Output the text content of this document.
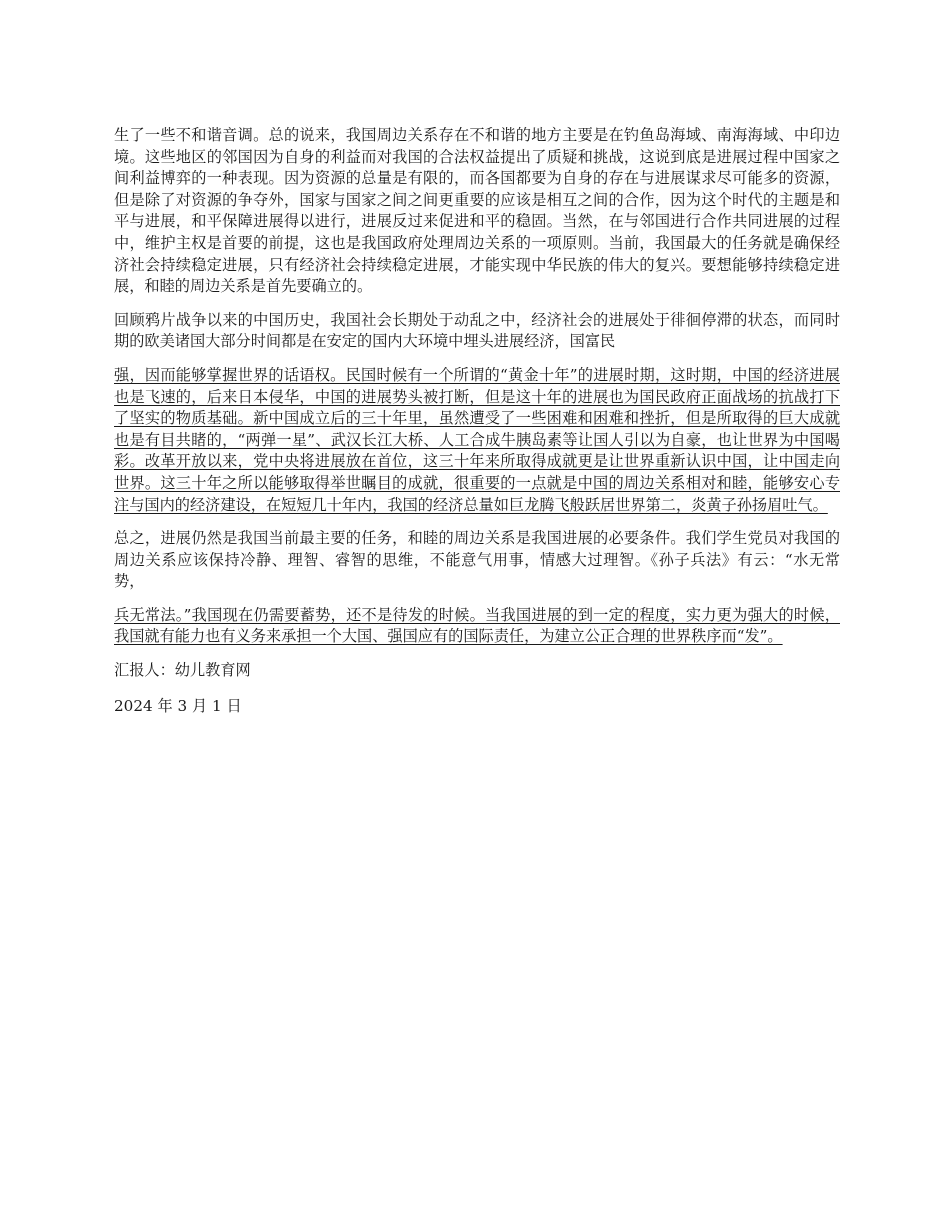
生了一些不和谐音调。总的说来，我国周边关系存在不和谐的地方主要是在钓鱼岛海域、南海海域、中印边境。这些地区的邻国因为自身的利益而对我国的合法权益提出了质疑和挑战，这说到底是进展过程中国家之间利益博弈的一种表现。因为资源的总量是有限的，而各国都要为自身的存在与进展谋求尽可能多的资源，但是除了对资源的争夺外，国家与国家之间之间更重要的应该是相互之间的合作，因为这个时代的主题是和平与进展，和平保障进展得以进行，进展反过来促进和平的稳固。当然，在与邻国进行合作共同进展的过程中，维护主权是首要的前提，这也是我国政府处理周边关系的一项原则。当前，我国最大的任务就是确保经济社会持续稳定进展，只有经济社会持续稳定进展，才能实现中华民族的伟大的复兴。要想能够持续稳定进展，和睦的周边关系是首先要确立的。

回顾鸦片战争以来的中国历史，我国社会长期处于动乱之中，经济社会的进展处于徘徊停滞的状态，而同时期的欧美诸国大部分时间都是在安定的国内大环境中埋头进展经济，国富民

强，因而能够掌握世界的话语权。民国时候有一个所谓的“黄金十年”的进展时期，这时期，中国的经济进展也是飞速的，后来日本侵华，中国的进展势头被打断，但是这十年的进展也为国民政府正面战场的抗战打下了坚实的物质基础。新中国成立后的三十年里，虽然遭受了一些困难和困难和挫折，但是所取得的巨大成就也是有目共睹的，“两弹一星”、武汉长江大桥、人工合成牛胰岛素等让国人引以为自豪，也让世界为中国喝彩。改革开放以来，党中央将进展放在首位，这三十年来所取得成就更是让世界重新认识中国，让中国走向世界。这三十年之所以能够取得举世瞩目的成就，很重要的一点就是中国的周边关系相对和睦，能够安心专注与国内的经济建设，在短短几十年内，我国的经济总量如巨龙腾飞般跃居世界第二，炎黄子孙扬眉吐气。

总之，进展仍然是我国当前最主要的任务，和睦的周边关系是我国进展的必要条件。我们学生党员对我国的周边关系应该保持冷静、理智、睿智的思维，不能意气用事，情感大过理智。《孙子兵法》有云：“水无常势，

兵无常法。”我国现在仍需要蓄势，还不是待发的时候。当我国进展的到一定的程度，实力更为强大的时候，我国就有能力也有义务来承担一个大国、强国应有的国际责任，为建立公正合理的世界秩序而“发”。

汇报人：幼儿教育网

2024 年 3 月 1 日
